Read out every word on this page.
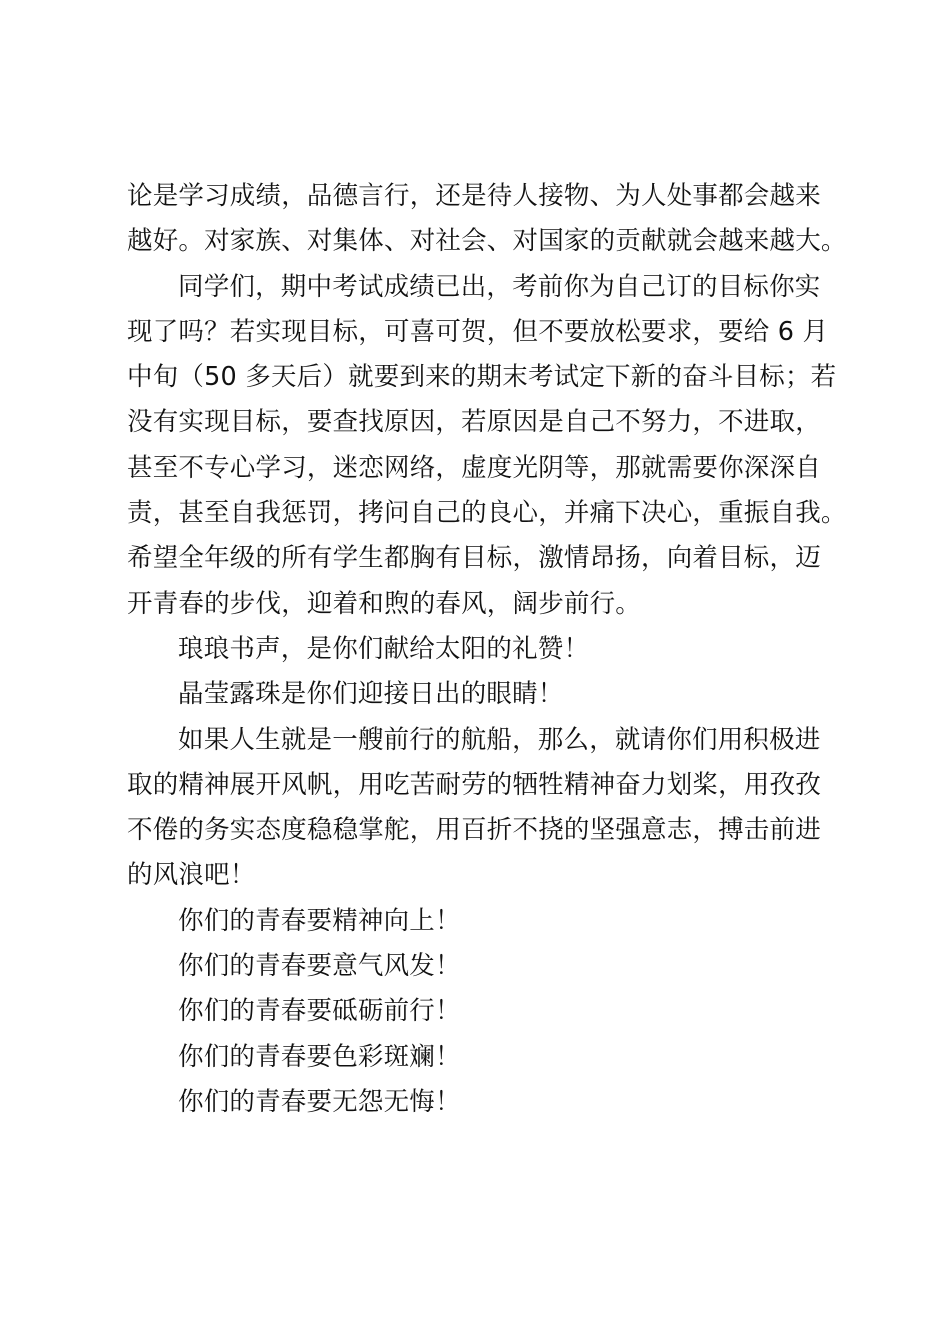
论是学习成绩，品德言行，还是待人接物、为人处事都会越来
越好。对家族、对集体、对社会、对国家的贡献就会越来越大。
同学们，期中考试成绩已出，考前你为自己订的目标你实
现了吗？若实现目标，可喜可贺，但不要放松要求，要给 6 月
中旬（50 多天后）就要到来的期末考试定下新的奋斗目标；若
没有实现目标，要查找原因，若原因是自己不努力，不进取，
甚至不专心学习，迷恋网络，虚度光阴等，那就需要你深深自
责，甚至自我惩罚，拷问自己的良心，并痛下决心，重振自我。
希望全年级的所有学生都胸有目标，激情昂扬，向着目标，迈
开青春的步伐，迎着和煦的春风，阔步前行。
琅琅书声，是你们献给太阳的礼赞！
晶莹露珠是你们迎接日出的眼睛！
如果人生就是一艘前行的航船，那么，就请你们用积极进
取的精神展开风帆，用吃苦耐劳的牺牲精神奋力划桨，用孜孜
不倦的务实态度稳稳掌舵，用百折不挠的坚强意志，搏击前进
的风浪吧！
你们的青春要精神向上！
你们的青春要意气风发！
你们的青春要砥砺前行！
你们的青春要色彩斑斓！
你们的青春要无怨无悔！
